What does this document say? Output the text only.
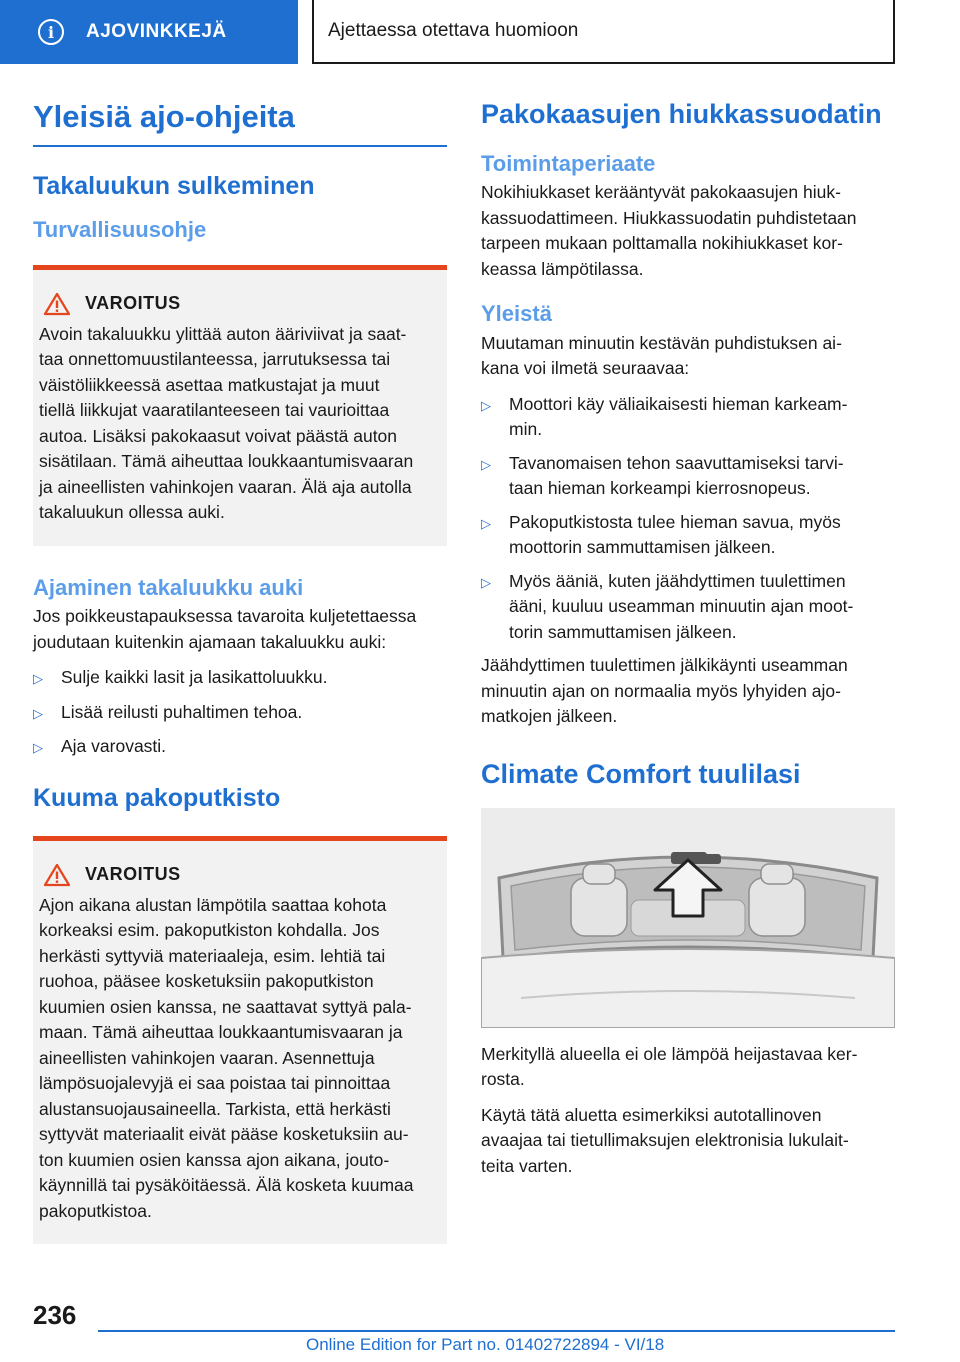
i	AJOVINKKEJÄ	Ajettaessa otettava huomioon
Yleisiä ajo-ohjeita
Takaluukun sulkeminen
Turvallisuusohje
VAROITUS
Avoin takaluukku ylittää auton ääriviivat ja saat-
taa onnettomuustilanteessa, jarrutuksessa tai
väistöliikkeessä asettaa matkustajat ja muut
tiellä liikkujat vaaratilanteeseen tai vaurioittaa
autoa. Lisäksi pakokaasut voivat päästä auton
sisätilaan. Tämä aiheuttaa loukkaantumisvaaran
ja aineellisten vahinkojen vaaran. Älä aja autolla
takaluukun ollessa auki.
Ajaminen takaluukku auki
Jos poikkeustapauksessa tavaroita kuljetettaessa
joudutaan kuitenkin ajamaan takaluukku auki:
▷	Sulje kaikki lasit ja lasikattoluukku.
▷	Lisää reilusti puhaltimen tehoa.
▷	Aja varovasti.
Kuuma pakoputkisto
VAROITUS
Ajon aikana alustan lämpötila saattaa kohota
korkeaksi esim. pakoputkiston kohdalla. Jos
herkästi syttyviä materiaaleja, esim. lehtiä tai
ruohoa, pääsee kosketuksiin pakoputkiston
kuumien osien kanssa, ne saattavat syttyä pala-
maan. Tämä aiheuttaa loukkaantumisvaaran ja
aineellisten vahinkojen vaaran. Asennettuja
lämpösuojalevyjä ei saa poistaa tai pinnoittaa
alustansuojausaineella. Tarkista, että herkästi
syttyvät materiaalit eivät pääse kosketuksiin au-
ton kuumien osien kanssa ajon aikana, jouto-
käynnillä tai pysäköitäessä. Älä kosketa kuumaa
pakoputkistoa.
Pakokaasujen hiukkassuodatin
Toimintaperiaate
Nokihiukkaset kerääntyvät pakokaasujen hiuk-
kassuodattimeen. Hiukkassuodatin puhdistetaan
tarpeen mukaan polttamalla nokihiukkaset kor-
keassa lämpötilassa.
Yleistä
Muutaman minuutin kestävän puhdistuksen ai-
kana voi ilmetä seuraavaa:
▷	Moottori käy väliaikaisesti hieman karkeam-
min.
▷	Tavanomaisen tehon saavuttamiseksi tarvi-
taan hieman korkeampi kierrosnopeus.
▷	Pakoputkistosta tulee hieman savua, myös
moottorin sammuttamisen jälkeen.
▷	Myös ääniä, kuten jäähdyttimen tuulettimen
ääni, kuuluu useamman minuutin ajan moot-
torin sammuttamisen jälkeen.
Jäähdyttimen tuulettimen jälkikäynti useamman
minuutin ajan on normaalia myös lyhyiden ajo-
matkojen jälkeen.
Climate Comfort tuulilasi
Merkityllä alueella ei ole lämpöä heijastavaa ker-
rosta.
Käytä tätä aluetta esimerkiksi autotallinoven
avaajaa tai tietullimaksujen elektronisia lukulait-
teita varten.
236
Online Edition for Part no. 01402722894 - VI/18
